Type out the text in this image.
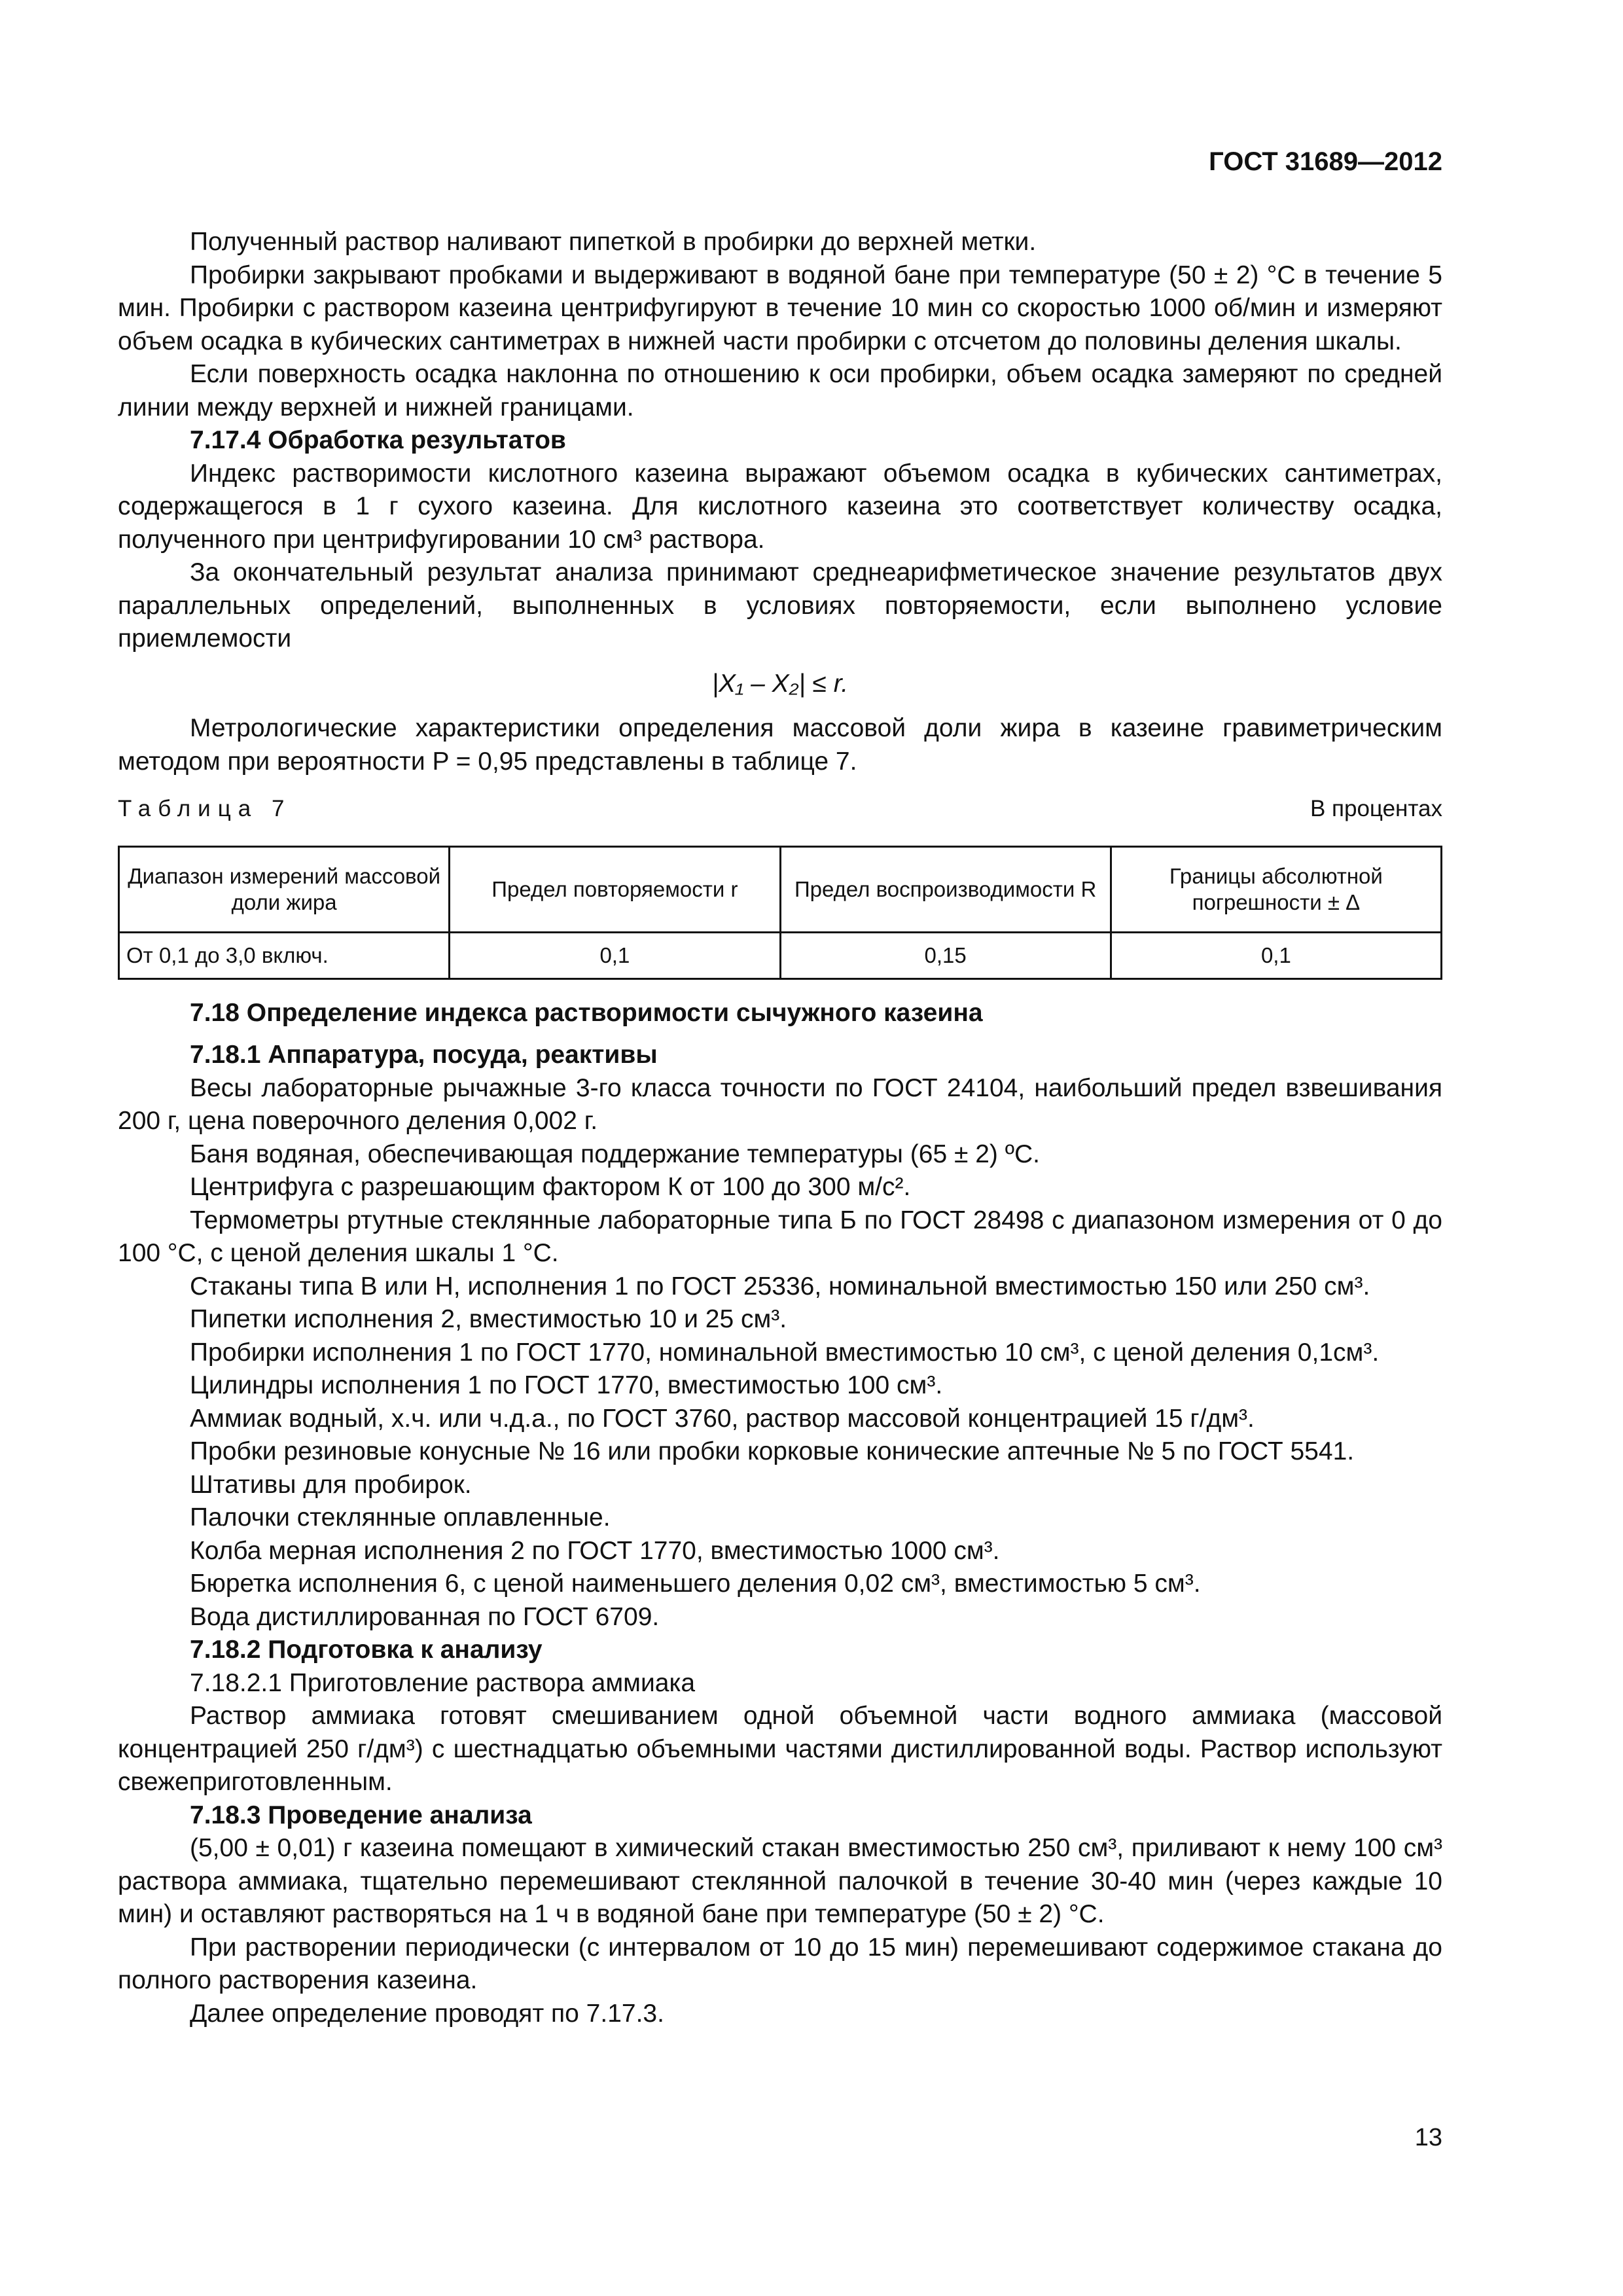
ГОСТ 31689—2012

Полученный раствор наливают пипеткой в пробирки до верхней метки.

Пробирки закрывают пробками и выдерживают в водяной бане при температуре (50 ± 2) °С в течение 5 мин. Пробирки с раствором казеина центрифугируют в течение 10 мин со скоростью 1000 об/мин и измеряют объем осадка в кубических сантиметрах в нижней части пробирки с отсчетом до половины деления шкалы.

Если поверхность осадка наклонна по отношению к оси пробирки, объем осадка замеряют по средней линии между верхней и нижней границами.

7.17.4 Обработка результатов

Индекс растворимости кислотного казеина выражают объемом осадка в кубических сантиметрах, содержащегося в 1 г сухого казеина. Для кислотного казеина это соответствует количеству осадка, полученного при центрифугировании 10 см³ раствора.

За окончательный результат анализа принимают среднеарифметическое значение результатов двух параллельных определений, выполненных в условиях повторяемости, если выполнено условие приемлемости

|X₁ – X₂| ≤ r.

Метрологические характеристики определения массовой доли жира в казеине гравиметрическим методом при вероятности P = 0,95 представлены в таблице 7.

Таблица 7	В процентах
Диапазон измерений массовой доли жира	Предел повторяемости r	Предел воспроизводимости R	Границы абсолютной погрешности ± Δ
От 0,1 до 3,0 включ.	0,1	0,15	0,1

7.18 Определение индекса растворимости сычужного казеина

7.18.1 Аппаратура, посуда, реактивы

Весы лабораторные рычажные 3-го класса точности по ГОСТ 24104, наибольший предел взвешивания 200 г, цена поверочного деления 0,002 г.

Баня водяная, обеспечивающая поддержание температуры (65 ± 2) ºС.

Центрифуга с разрешающим фактором К от 100 до 300 м/с².

Термометры ртутные стеклянные лабораторные типа Б по ГОСТ 28498 с диапазоном измерения от 0 до 100 °С, с ценой деления шкалы 1 °С.

Стаканы типа В или Н, исполнения 1 по ГОСТ 25336, номинальной вместимостью 150 или 250 см³.

Пипетки исполнения 2, вместимостью 10 и 25 см³.

Пробирки исполнения 1 по ГОСТ 1770, номинальной вместимостью 10 см³, с ценой деления 0,1см³.

Цилиндры исполнения 1 по ГОСТ 1770, вместимостью 100 см³.

Аммиак водный, х.ч. или ч.д.а., по ГОСТ 3760, раствор массовой концентрацией 15 г/дм³.

Пробки резиновые конусные № 16 или пробки корковые конические аптечные № 5 по ГОСТ 5541.

Штативы для пробирок.

Палочки стеклянные оплавленные.

Колба мерная исполнения 2 по ГОСТ 1770, вместимостью 1000 см³.

Бюретка исполнения 6, с ценой наименьшего деления 0,02 см³, вместимостью 5 см³.

Вода дистиллированная по ГОСТ 6709.

7.18.2 Подготовка к анализу

7.18.2.1 Приготовление раствора аммиака

Раствор аммиака готовят смешиванием одной объемной части водного аммиака (массовой концентрацией 250 г/дм³) с шестнадцатью объемными частями дистиллированной воды. Раствор используют свежеприготовленным.

7.18.3 Проведение анализа

(5,00 ± 0,01) г казеина помещают в химический стакан вместимостью 250 см³, приливают к нему 100 см³ раствора аммиака, тщательно перемешивают стеклянной палочкой в течение 30-40 мин (через каждые 10 мин) и оставляют растворяться на 1 ч в водяной бане при температуре (50 ± 2) °С.

При растворении периодически (с интервалом от 10 до 15 мин) перемешивают содержимое стакана до полного растворения казеина.

Далее определение проводят по 7.17.3.

13
